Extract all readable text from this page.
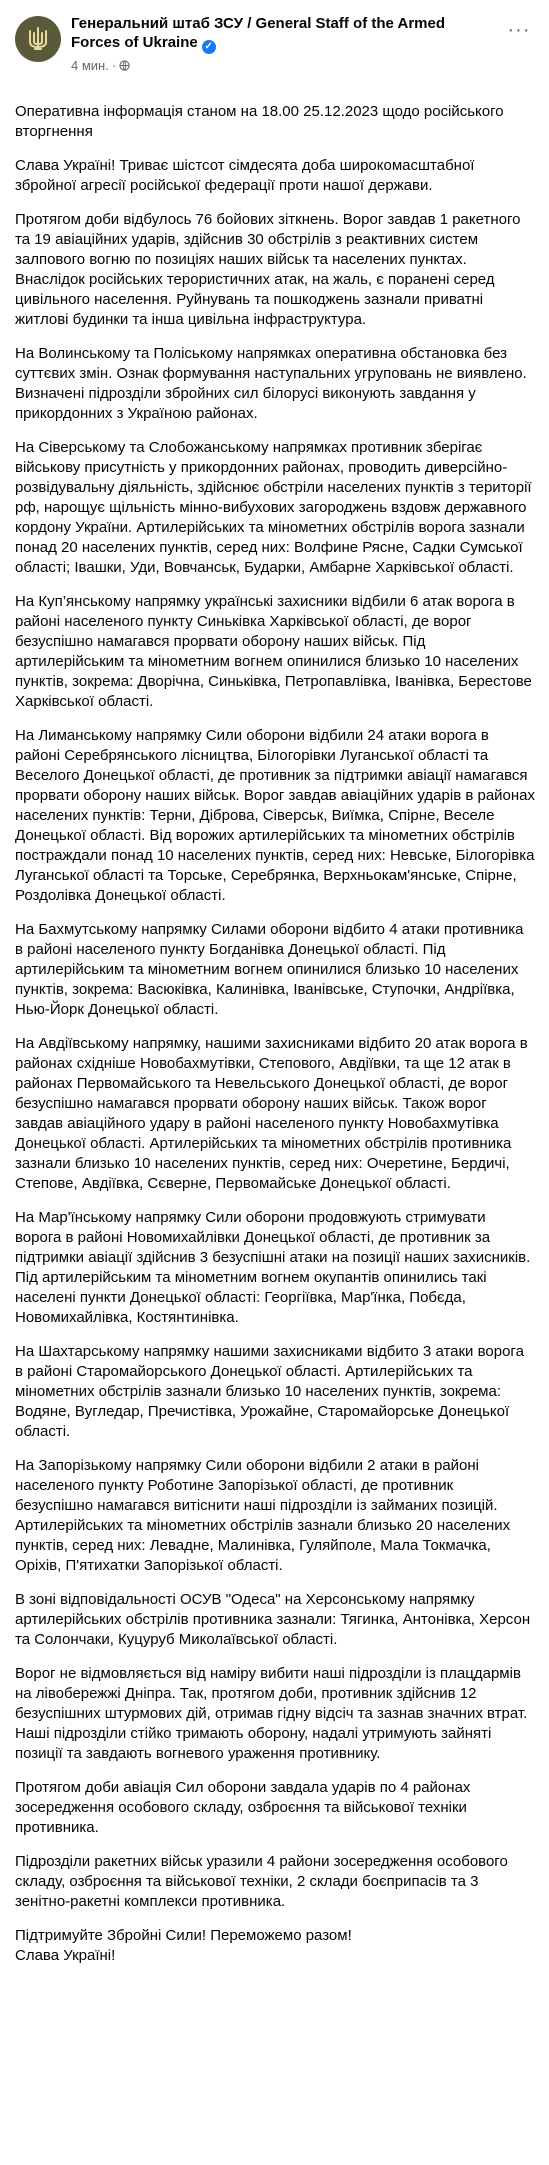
Генеральний штаб ЗСУ / General Staff of the Armed Forces of Ukraine ✓
4 мин. ·
···

Оперативна інформація станом на 18.00 25.12.2023 щодо російського вторгнення

Слава Україні! Триває шістсот сімдесята доба широкомасштабної збройної агресії російської федерації проти нашої держави.

Протягом доби відбулось 76 бойових зіткнень. Ворог завдав 1 ракетного та 19 авіаційних ударів, здійснив 30 обстрілів з реактивних систем залпового вогню по позиціях наших військ та населених пунктах. Внаслідок російських терористичних атак, на жаль, є поранені серед цивільного населення. Руйнувань та пошкоджень зазнали приватні житлові будинки та інша цивільна інфраструктура.

На Волинському та Поліському напрямках оперативна обстановка без суттєвих змін. Ознак формування наступальних угруповань не виявлено. Визначені підрозділи збройних сил білорусі виконують завдання у прикордонних з Україною районах.

На Сіверському та Слобожанському напрямках противник зберігає військову присутність у прикордонних районах, проводить диверсійно-розвідувальну діяльність, здійснює обстріли населених пунктів з території рф, нарощує щільність мінно-вибухових загороджень вздовж державного кордону України. Артилерійських та мінометних обстрілів ворога зазнали понад 20 населених пунктів, серед них: Волфине Рясне, Садки Сумської області; Івашки, Уди, Вовчанськ, Бударки, Амбарне Харківської області.

На Куп’янському напрямку українські захисники відбили 6 атак ворога в районі населеного пункту Синьківка Харківської області, де ворог безуспішно намагався прорвати оборону наших військ. Під артилерійським та мінометним вогнем опинилися близько 10 населених пунктів, зокрема: Дворічна, Синьківка, Петропавлівка, Іванівка, Берестове Харківської області.

На Лиманському напрямку Сили оборони відбили 24 атаки ворога в районі Серебрянського лісництва, Білогорівки Луганської області та Веселого Донецької області, де противник за підтримки авіації намагався прорвати оборону наших військ. Ворог завдав авіаційних ударів в районах населених пунктів: Терни, Діброва, Сіверськ, Виїмка, Спірне, Веселе Донецької області. Від ворожих артилерійських та мінометних обстрілів постраждали понад 10 населених пунктів, серед них: Невське, Білогорівка Луганської області та Торське, Серебрянка, Верхньокам'янське, Спірне, Роздолівка Донецької області.

На Бахмутському напрямку Силами оборони відбито 4 атаки противника в районі населеного пункту Богданівка Донецької області. Під артилерійським та мінометним вогнем опинилися близько 10 населених пунктів, зокрема: Васюківка, Калинівка, Іванівське, Ступочки, Андріївка, Нью-Йорк Донецької області.

На Авдіївському напрямку, нашими захисниками відбито 20 атак ворога в районах східніше Новобахмутівки, Степового, Авдіївки, та ще 12 атак в районах Первомайського та Невельського Донецької області, де ворог безуспішно намагався прорвати оборону наших військ. Також ворог завдав авіаційного удару в районі населеного пункту Новобахмутівка Донецької області. Артилерійських та мінометних обстрілів противника зазнали близько 10 населених пунктів, серед них: Очеретине, Бердичі, Степове, Авдіївка, Сєверне, Первомайське Донецької області.

На Мар'їнському напрямку Сили оборони продовжують стримувати ворога в районі Новомихайлівки Донецької області, де противник за підтримки авіації здійснив 3 безуспішні атаки на позиції наших захисників. Під артилерійським та мінометним вогнем окупантів опинились такі населені пункти Донецької області: Георгіївка, Мар'їнка, Побєда, Новомихайлівка, Костянтинівка.

На Шахтарському напрямку нашими захисниками відбито 3 атаки ворога в районі Старомайорського Донецької області. Артилерійських та мінометних обстрілів зазнали близько 10 населених пунктів, зокрема: Водяне, Вугледар, Пречистівка, Урожайне, Старомайорське Донецької області.

На Запорізькому напрямку Сили оборони відбили 2 атаки в районі населеного пункту Роботине Запорізької області, де противник безуспішно намагався витіснити наші підрозділи із займаних позицій. Артилерійських та мінометних обстрілів зазнали близько 20 населених пунктів, серед них: Левадне, Малинівка, Гуляйполе, Мала Токмачка, Оріхів, П'ятихатки Запорізької області.

В зоні відповідальності ОСУВ "Одеса" на Херсонському напрямку артилерійських обстрілів противника зазнали: Тягинка, Антонівка, Херсон та Солончаки, Куцуруб Миколаївської області.

Ворог не відмовляється від наміру вибити наші підрозділи із плацдармів на лівобережжі Дніпра. Так, протягом доби, противник здійснив 12 безуспішних штурмових дій, отримав гідну відсіч та зазнав значних втрат. Наші підрозділи стійко тримають оборону, надалі утримують зайняті позиції та завдають вогневого ураження противнику.

Протягом доби авіація Сил оборони завдала ударів по 4 районах зосередження особового складу, озброєння та військової техніки противника.

Підрозділи ракетних військ уразили 4 райони зосередження особового складу, озброєння та військової техніки, 2 склади боєприпасів та 3 зенітно-ракетні комплекси противника.

Підтримуйте Збройні Сили! Переможемо разом!
Слава Україні!
